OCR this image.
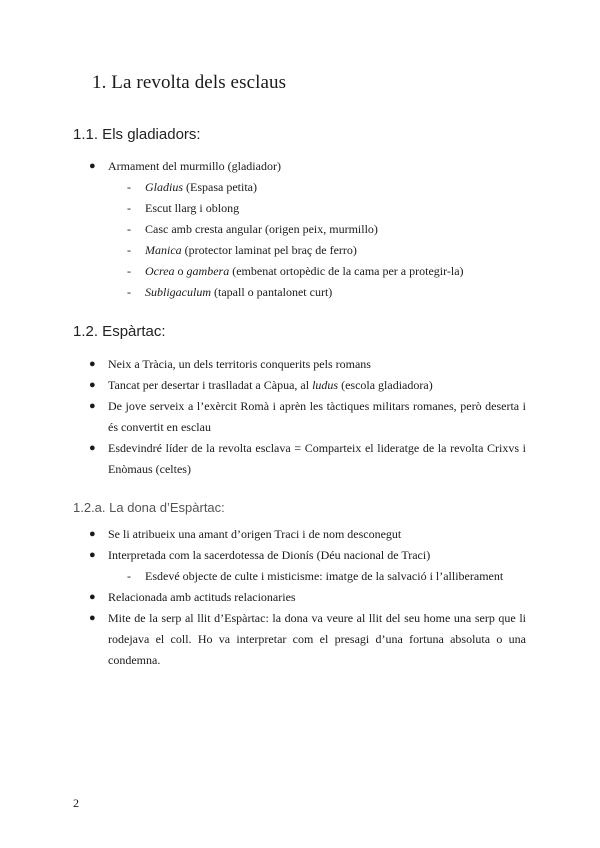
1. La revolta dels esclaus
1.1. Els gladiadors:
● Armament del murmillo (gladiador)
- Gladius (Espasa petita)
- Escut llarg i oblong
- Casc amb cresta angular (origen peix, murmillo)
- Manica (protector laminat pel braç de ferro)
- Ocrea o gambera (embenat ortopèdic de la cama per a protegir-la)
- Subligaculum (tapall o pantalonet curt)
1.2. Espàrtac:
● Neix a Tràcia, un dels territoris conquerits pels romans
● Tancat per desertar i traslladat a Càpua, al ludus (escola gladiadora)
● De jove serveix a l’exèrcit Romà i aprèn les tàctiques militars romanes, però deserta i és convertit en esclau
● Esdevindré líder de la revolta esclava = Comparteix el lideratge de la revolta Crixvs i Enòmaus (celtes)
1.2.a. La dona d’Espàrtac:
● Se li atribueix una amant d’origen Traci i de nom desconegut
● Interpretada com la sacerdotessa de Dionís (Déu nacional de Traci)
- Esdevé objecte de culte i misticisme: imatge de la salvació i l’alliberament
● Relacionada amb actituds relacionaries
● Mite de la serp al llit d’Espàrtac: la dona va veure al llit del seu home una serp que li rodejava el coll. Ho va interpretar com el presagi d’una fortuna absoluta o una condemna.
2
